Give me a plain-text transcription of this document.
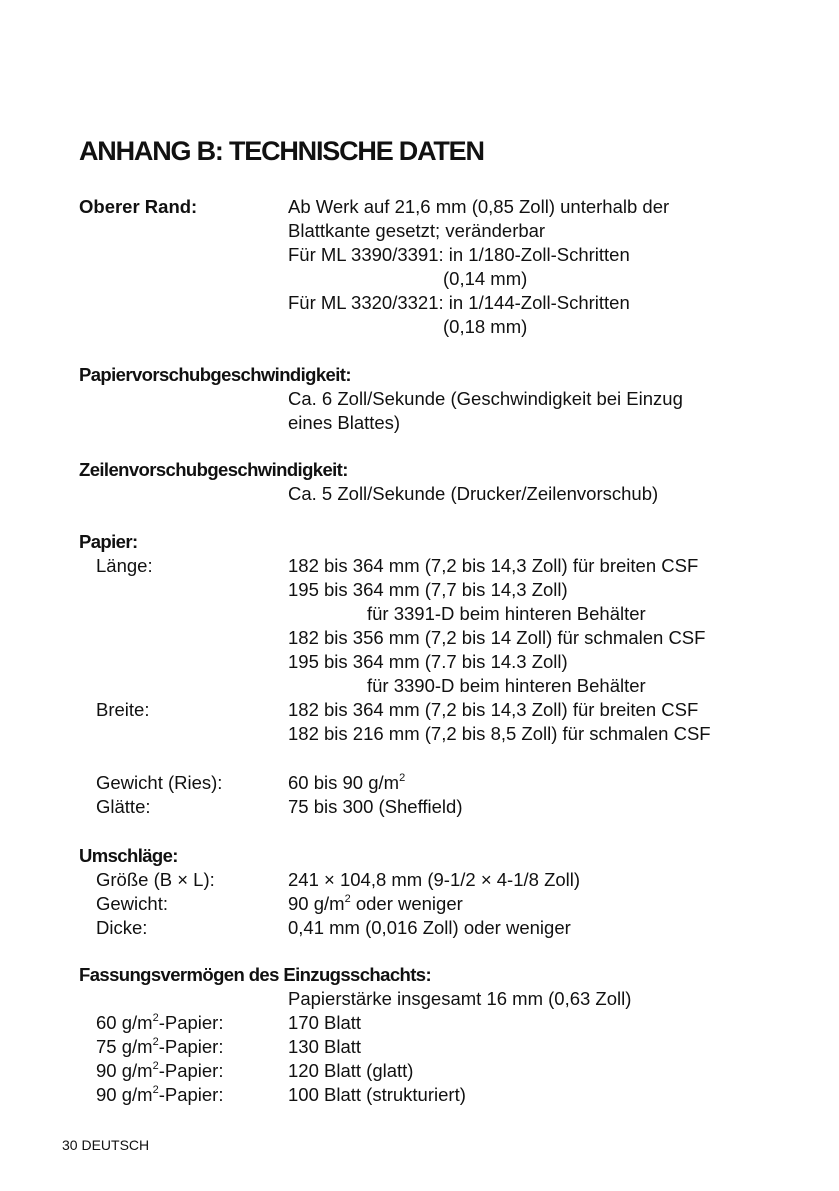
ANHANG B: TECHNISCHE DATEN
Oberer Rand:	Ab Werk auf 21,6 mm (0,85 Zoll) unterhalb der
Blattkante gesetzt; veränderbar
Für ML 3390/3391: in 1/180-Zoll-Schritten
(0,14 mm)
Für ML 3320/3321: in 1/144-Zoll-Schritten
(0,18 mm)
Papiervorschubgeschwindigkeit:
Ca. 6 Zoll/Sekunde (Geschwindigkeit bei Einzug
eines Blattes)
Zeilenvorschubgeschwindigkeit:
Ca. 5 Zoll/Sekunde (Drucker/Zeilenvorschub)
Papier:
Länge:	182 bis 364 mm (7,2 bis 14,3 Zoll) für breiten CSF
195 bis 364 mm (7,7 bis 14,3 Zoll)
für 3391-D beim hinteren Behälter
182 bis 356 mm (7,2 bis 14 Zoll) für schmalen CSF
195 bis 364 mm (7.7 bis 14.3 Zoll)
für 3390-D beim hinteren Behälter
Breite:	182 bis 364 mm (7,2 bis 14,3 Zoll) für breiten CSF
182 bis 216 mm (7,2 bis 8,5 Zoll) für schmalen CSF
Gewicht (Ries):	60 bis 90 $g/m^2$
Glätte:	75 bis 300 (Sheffield)
Umschläge:
Größe (B × L):	241 × 104,8 mm (9-1/2 × 4-1/8 Zoll)
Gewicht:	90 $g/m^2$ oder weniger
Dicke:	0,41 mm (0,016 Zoll) oder weniger
Fassungsvermögen des Einzugsschachts:
Papierstärke insgesamt 16 mm (0,63 Zoll)
60 $g/m^2$-Papier:	170 Blatt
75 $g/m^2$-Papier:	130 Blatt
90 $g/m^2$-Papier:	120 Blatt (glatt)
90 $g/m^2$-Papier:	100 Blatt (strukturiert)
30 DEUTSCH
